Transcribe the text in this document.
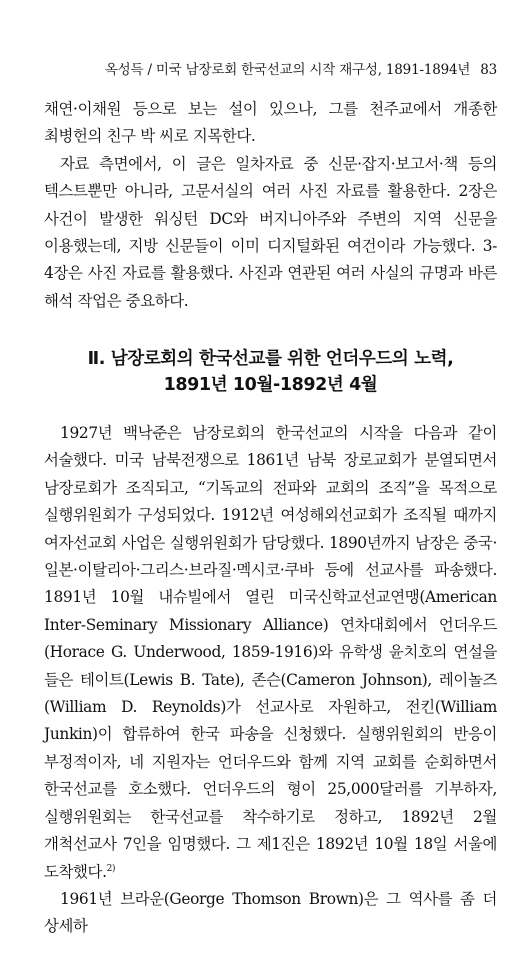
옥성득 / 미국 남장로회 한국선교의 시작 재구성, 1891-1894년 83

채연·이채원 등으로 보는 설이 있으나, 그를 천주교에서 개종한 최병헌의 친구 박 씨로 지목한다.

자료 측면에서, 이 글은 일차자료 중 신문·잡지·보고서·책 등의 텍스트뿐만 아니라, 고문서실의 여러 사진 자료를 활용한다. 2장은 사건이 발생한 워싱턴 DC와 버지니아주와 주변의 지역 신문을 이용했는데, 지방 신문들이 이미 디지털화된 여건이라 가능했다. 3-4장은 사진 자료를 활용했다. 사진과 연관된 여러 사실의 규명과 바른 해석 작업은 중요하다.

Ⅱ. 남장로회의 한국선교를 위한 언더우드의 노력,
1891년 10월-1892년 4월

1927년 백낙준은 남장로회의 한국선교의 시작을 다음과 같이 서술했다. 미국 남북전쟁으로 1861년 남북 장로교회가 분열되면서 남장로회가 조직되고, “기독교의 전파와 교회의 조직”을 목적으로 실행위원회가 구성되었다. 1912년 여성해외선교회가 조직될 때까지 여자선교회 사업은 실행위원회가 담당했다. 1890년까지 남장은 중국·일본·이탈리아·그리스·브라질·멕시코·쿠바 등에 선교사를 파송했다. 1891년 10월 내슈빌에서 열린 미국신학교선교연맹(American Inter-Seminary Missionary Alliance) 연차대회에서 언더우드(Horace G. Underwood, 1859-1916)와 유학생 윤치호의 연설을 들은 테이트(Lewis B. Tate), 존슨(Cameron Johnson), 레이놀즈(William D. Reynolds)가 선교사로 자원하고, 전킨(William Junkin)이 합류하여 한국 파송을 신청했다. 실행위원회의 반응이 부정적이자, 네 지원자는 언더우드와 함께 지역 교회를 순회하면서 한국선교를 호소했다. 언더우드의 형이 25,000달러를 기부하자, 실행위원회는 한국선교를 착수하기로 정하고, 1892년 2월 개척선교사 7인을 임명했다. 그 제1진은 1892년 10월 18일 서울에 도착했다.$^{2)}$

1961년 브라운(George Thomson Brown)은 그 역사를 좀 더 상세하
